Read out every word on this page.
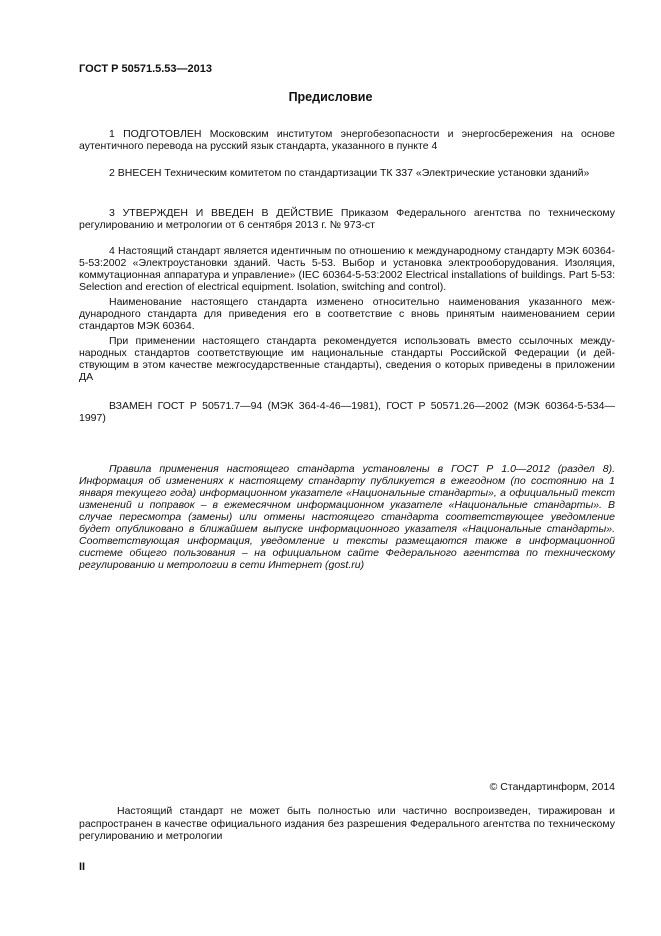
ГОСТ Р 50571.5.53—2013
Предисловие

1 ПОДГОТОВЛЕН Московским институтом энергобезопасности и энергосбережения на основе аутентичного перевода на русский язык стандарта, указанного в пункте 4

2 ВНЕСЕН Техническим комитетом по стандартизации ТК 337 «Электрические установки зданий»

3 УТВЕРЖДЕН И ВВЕДЕН В ДЕЙСТВИЕ Приказом Федерального агентства по техническому регулированию и метрологии от 6 сентября 2013 г. № 973-ст

4 Настоящий стандарт является идентичным по отношению к международному стандарту МЭК 60364-5-53:2002 «Электроустановки зданий. Часть 5-53. Выбор и установка электрооборудования. Изоляция, коммутационная аппаратура и управление» (IEC 60364-5-53:2002 Electrical installations of buildings. Part 5-53: Selection and erection of electrical equipment. Isolation, switching and control).

Наименование настоящего стандарта изменено относительно наименования указанного международного стандарта для приведения его в соответствие с вновь принятым наименованием серии стандартов МЭК 60364.

При применении настоящего стандарта рекомендуется использовать вместо ссылочных международных стандартов соответствующие им национальные стандарты Российской Федерации (и действующим в этом качестве межгосударственные стандарты), сведения о которых приведены в приложении ДА

ВЗАМЕН ГОСТ Р 50571.7—94 (МЭК 364-4-46—1981), ГОСТ Р 50571.26—2002 (МЭК 60364-5-534—1997)

Правила применения настоящего стандарта установлены в ГОСТ Р 1.0—2012 (раздел 8). Информация об изменениях к настоящему стандарту публикуется в ежегодном (по состоянию на 1 января текущего года) информационном указателе «Национальные стандарты», а официальный текст изменений и поправок – в ежемесячном информационном указателе «Национальные стандарты». В случае пересмотра (замены) или отмены настоящего стандарта соответствующее уведомление будет опубликовано в ближайшем выпуске информационного указателя «Национальные стандарты». Соответствующая информация, уведомление и тексты размещаются также в информационной системе общего пользования – на официальном сайте Федерального агентства по техническому регулированию и метрологии в сети Интернет (gost.ru)

© Стандартинформ, 2014

Настоящий стандарт не может быть полностью или частично воспроизведен, тиражирован и распространен в качестве официального издания без разрешения Федерального агентства по техническому регулированию и метрологии

II
